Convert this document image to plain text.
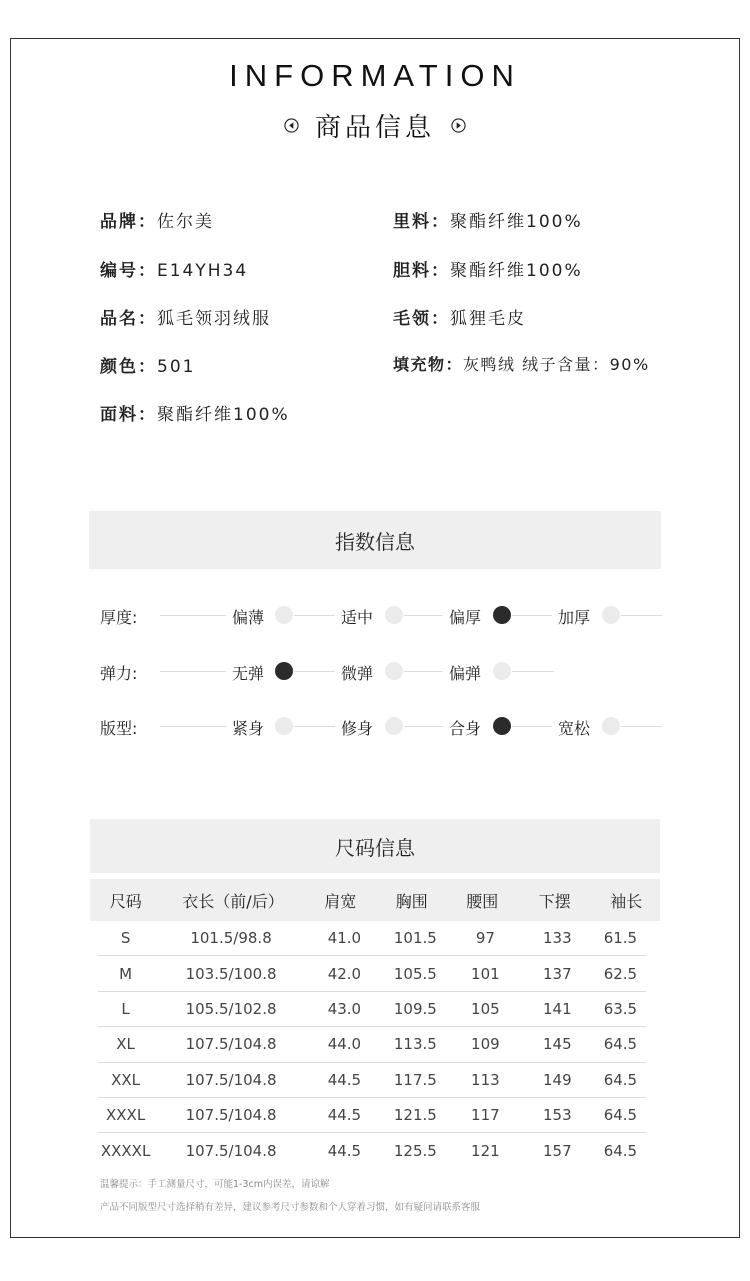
INFORMATION
商品信息
品牌：佐尔美
编号：E14YH34
品名：狐毛领羽绒服
颜色：501
面料：聚酯纤维100%
里料：聚酯纤维100%
胆料：聚酯纤维100%
毛领：狐狸毛皮
填充物：灰鸭绒 绒子含量：90%
指数信息
厚度:	偏薄	适中	偏厚	加厚
弹力:	无弹	微弹	偏弹
版型:	紧身	修身	合身	宽松
尺码信息
尺码	衣长（前/后）	肩宽	胸围	腰围	下摆	袖长
S	101.5/98.8	41.0	101.5	97	133	61.5
M	103.5/100.8	42.0	105.5	101	137	62.5
L	105.5/102.8	43.0	109.5	105	141	63.5
XL	107.5/104.8	44.0	113.5	109	145	64.5
XXL	107.5/104.8	44.5	117.5	113	149	64.5
XXXL	107.5/104.8	44.5	121.5	117	153	64.5
XXXXL	107.5/104.8	44.5	125.5	121	157	64.5
温馨提示：手工测量尺寸，可能1-3cm内误差，请谅解
产品不同版型尺寸选择稍有差异，建议参考尺寸参数和个人穿着习惯，如有疑问请联系客服
